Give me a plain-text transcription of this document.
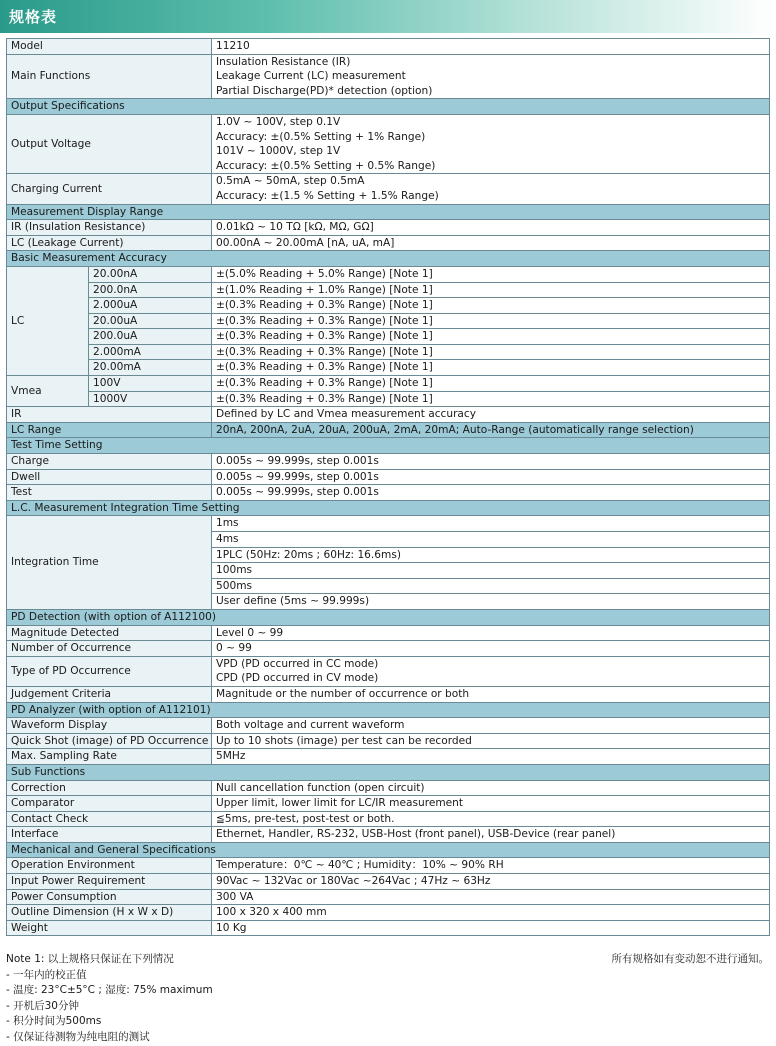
规格表
Model		11210

Main Functions		Insulation Resistance (IR)
Leakage Current (LC) measurement
Partial Discharge(PD)* detection (option)

Output Specifications		
Output Voltage		1.0V ~ 100V, step 0.1V
Accuracy: ±(0.5% Setting + 1% Range)
101V ~ 1000V, step 1V
Accuracy: ±(0.5% Setting + 0.5% Range)

Charging Current		0.5mA ~ 50mA, step 0.5mA
Accuracy: ±(1.5 % Setting + 1.5% Range)

Measurement Display Range		
IR (Insulation Resistance)		0.01kΩ ~ 10 TΩ [kΩ, MΩ, GΩ]

LC (Leakage Current)		00.00nA ~ 20.00mA [nA, uA, mA]

Basic Measurement Accuracy		
LC	20.00nA	±(5.0% Reading + 5.0% Range) [Note 1]
	200.0nA	±(1.0% Reading + 1.0% Range) [Note 1]
	2.000uA	±(0.3% Reading + 0.3% Range) [Note 1]
	20.00uA	±(0.3% Reading + 0.3% Range) [Note 1]
	200.0uA	±(0.3% Reading + 0.3% Range) [Note 1]
	2.000mA	±(0.3% Reading + 0.3% Range) [Note 1]
	20.00mA	±(0.3% Reading + 0.3% Range) [Note 1]
Vmea	100V	±(0.3% Reading + 0.3% Range) [Note 1]
	1000V	±(0.3% Reading + 0.3% Range) [Note 1]
IR		Defined by LC and Vmea measurement accuracy

LC Range		20nA, 200nA, 2uA, 20uA, 200uA, 2mA, 20mA; Auto-Range (automatically range selection)
Test Time Setting		
Charge		0.005s ~ 99.999s, step 0.001s

Dwell		0.005s ~ 99.999s, step 0.001s

Test		0.005s ~ 99.999s, step 0.001s

L.C. Measurement Integration Time Setting		
Integration Time		1ms
		4ms
		1PLC (50Hz: 20ms ; 60Hz: 16.6ms)
		100ms
		500ms
		User define (5ms ~ 99.999s)
PD Detection (with option of A112100)		
Magnitude Detected		Level 0 ~ 99

Number of Occurrence		0 ~ 99

Type of PD Occurrence		VPD (PD occurred in CC mode)
CPD (PD occurred in CV mode)

Judgement Criteria		Magnitude or the number of occurrence or both

PD Analyzer (with option of A112101)		
Waveform Display		Both voltage and current waveform

Quick Shot (image) of PD Occurrence		Up to 10 shots (image) per test can be recorded

Max. Sampling Rate		5MHz

Sub Functions		
Correction		Null cancellation function (open circuit)

Comparator		Upper limit, lower limit for LC/IR measurement

Contact Check		≦5ms, pre-test, post-test or both.

Interface		Ethernet, Handler, RS-232, USB-Host (front panel), USB-Device (rear panel)

Mechanical and General Specifications		
Operation Environment		Temperature：0℃ ~ 40℃ ; Humidity：10% ~ 90% RH

Input Power Requirement		90Vac ~ 132Vac or 180Vac ~264Vac ; 47Hz ~ 63Hz

Power Consumption		300 VA

Outline Dimension (H x W x D)		100 x 320 x 400 mm

Weight		10 Kg
所有规格如有变动恕不进行通知。
Note 1: 以上规格只保证在下列情况
- 一年内的校正值
- 温度: 23°C±5°C ; 湿度: 75% maximum
- 开机后30分钟
- 积分时间为500ms
- 仅保证待测物为纯电阻的测试
